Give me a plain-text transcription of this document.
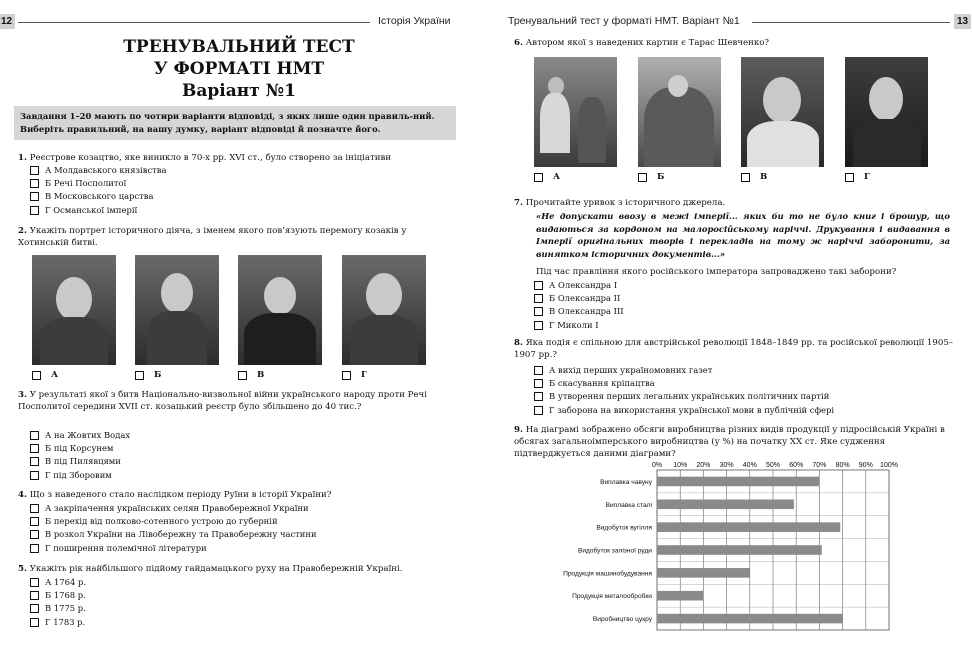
12	Історія України
ТРЕНУВАЛЬНИЙ ТЕСТ
У ФОРМАТІ НМТ
Варіант №1
Завдання 1–20 мають по чотири варіанти відповіді, з яких лише один правиль-ний. Виберіть правильний, на вашу думку, варіант відповіді й позначте його.
1. Реєстрове козацтво, яке виникло в 70-х рр. XVI ст., було створено за ініціативи
А Молдавського князівства
Б Речі Посполитої
В Московського царства
Г Османської імперії
2. Укажіть портрет історичного діяча, з іменем якого пов’язують перемогу козаків у Хотинській битві.
А	Б	В	Г
3. У результаті якої з битв Національно-визвольної війни українського народу проти Речі Посполитої середини XVII ст. козацький реєстр було збільшено до 40 тис.?
А на Жовтих Водах
Б під Корсунем
В під Пилявцями
Г під Зборовим
4. Що з наведеного стало наслідком періоду Руїни в історії України?
А закріпачення українських селян Правобережної України
Б перехід від полково-сотенного устрою до губерній
В розкол України на Лівобережну та Правобережну частини
Г поширення полемічної літератури
5. Укажіть рік найбільшого підйому гайдамацького руху на Правобережній Україні.
А 1764 р.
Б 1768 р.
В 1775 р.
Г 1783 р.
Тренувальний тест у форматі НМТ. Варіант №1	13
6. Автором якої з наведених картин є Тарас Шевченко?
А	Б	В	Г
7. Прочитайте уривок з історичного джерела.
«Не допускати ввозу в межі імперії... яких би то не було книг і брошур, що видаються за кордоном на малоросійському наріччі. Друкування і видавання в Імперії оригінальних творів і перекладів на тому ж наріччі заборонити, за винятком історичних документів...»
Під час правління якого російського імператора запроваджено такі заборони?
А Олександра І
Б Олександра ІІ
В Олександра ІІІ
Г Миколи І
8. Яка подія є спільною для австрійської революції 1848–1849 рр. та російської революції 1905–1907 рр.?
А вихід перших україномовних газет
Б скасування кріпацтва
В утворення перших легальних українських політичних партій
Г заборона на використання української мови в публічній сфері
9. На діаграмі зображено обсяги виробництва різних видів продукції у підросійській Україні в обсягах загальноімперського виробництва (у %) на початку ХХ ст. Яке судження підтверджується даними діаграми?
0% 10% 20% 30% 40% 50% 60% 70% 80% 90% 100%
Виплавка чавуну
Виплавка сталі
Видобуток вугілля
Видобуток залізної руди
Продукція машинобудування
Продукція металообробки
Виробництво цукру
